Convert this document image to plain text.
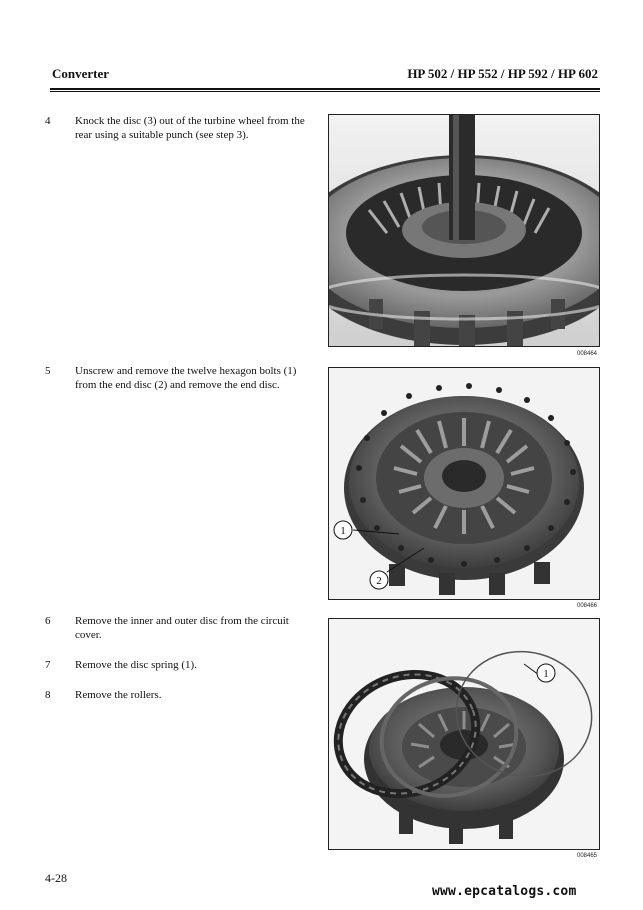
Converter	HP 502 / HP 552 / HP 592 / HP 602
4 Knock the disc (3) out of the turbine wheel from the rear using a suitable punch (see step 3).
5 Unscrew and remove the twelve hexagon bolts (1) from the end disc (2) and remove the end disc.
6 Remove the inner and outer disc from the circuit cover.
7 Remove the disc spring (1).
8 Remove the rollers.
008464
1
2
008466
1
008465
4-28
www.epcatalogs.com
